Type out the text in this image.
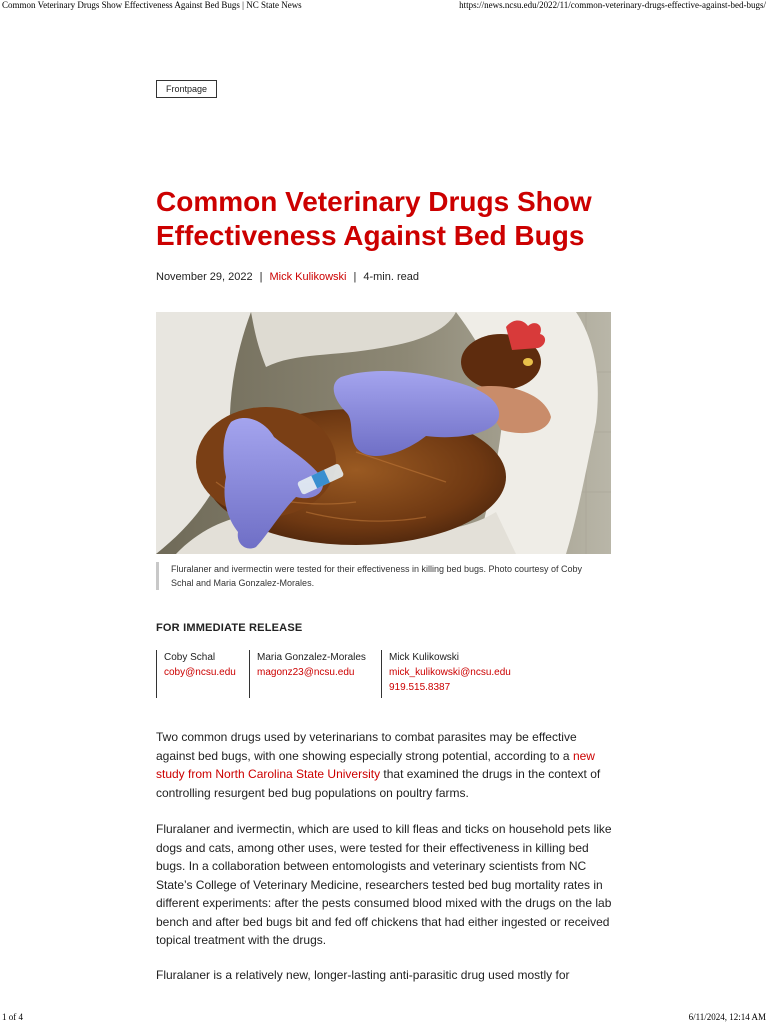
Common Veterinary Drugs Show Effectiveness Against Bed Bugs | NC State News	https://news.ncsu.edu/2022/11/common-veterinary-drugs-effective-against-bed-bugs/
Frontpage
Common Veterinary Drugs Show Effectiveness Against Bed Bugs
November 29, 2022 | Mick Kulikowski | 4-min. read
Fluralaner and ivermectin were tested for their effectiveness in killing bed bugs. Photo courtesy of Coby Schal and Maria Gonzalez-Morales.
FOR IMMEDIATE RELEASE
Coby Schal
coby@ncsu.edu
Maria Gonzalez-Morales
magonz23@ncsu.edu
Mick Kulikowski
mick_kulikowski@ncsu.edu
919.515.8387

Two common drugs used by veterinarians to combat parasites may be effective against bed bugs, with one showing especially strong potential, according to a new study from North Carolina State University that examined the drugs in the context of controlling resurgent bed bug populations on poultry farms.

Fluralaner and ivermectin, which are used to kill fleas and ticks on household pets like dogs and cats, among other uses, were tested for their effectiveness in killing bed bugs. In a collaboration between entomologists and veterinary scientists from NC State’s College of Veterinary Medicine, researchers tested bed bug mortality rates in different experiments: after the pests consumed blood mixed with the drugs on the lab bench and after bed bugs bit and fed off chickens that had either ingested or received topical treatment with the drugs.

Fluralaner is a relatively new, longer-lasting anti-parasitic drug used mostly for

1 of 4	6/11/2024, 12:14 AM
